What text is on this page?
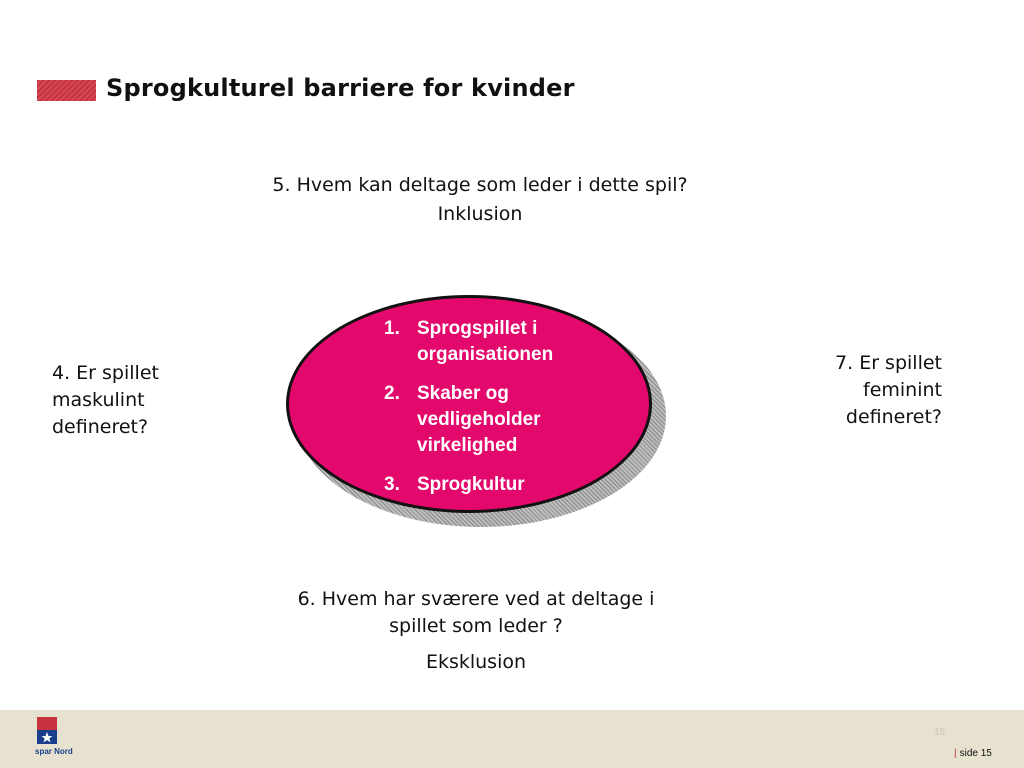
Sprogkulturel barriere for kvinder
5. Hvem kan deltage som leder i dette spil?
Inklusion
4. Er spillet
maskulint
defineret?
7. Er spillet
feminint
defineret?
1. Sprogspillet i
organisationen
2. Skaber og
vedligeholder
virkelighed
3. Sprogkultur
6. Hvem har sværere ved at deltage i
spillet som leder ?
Eksklusion
spar Nord
15
| side 15
